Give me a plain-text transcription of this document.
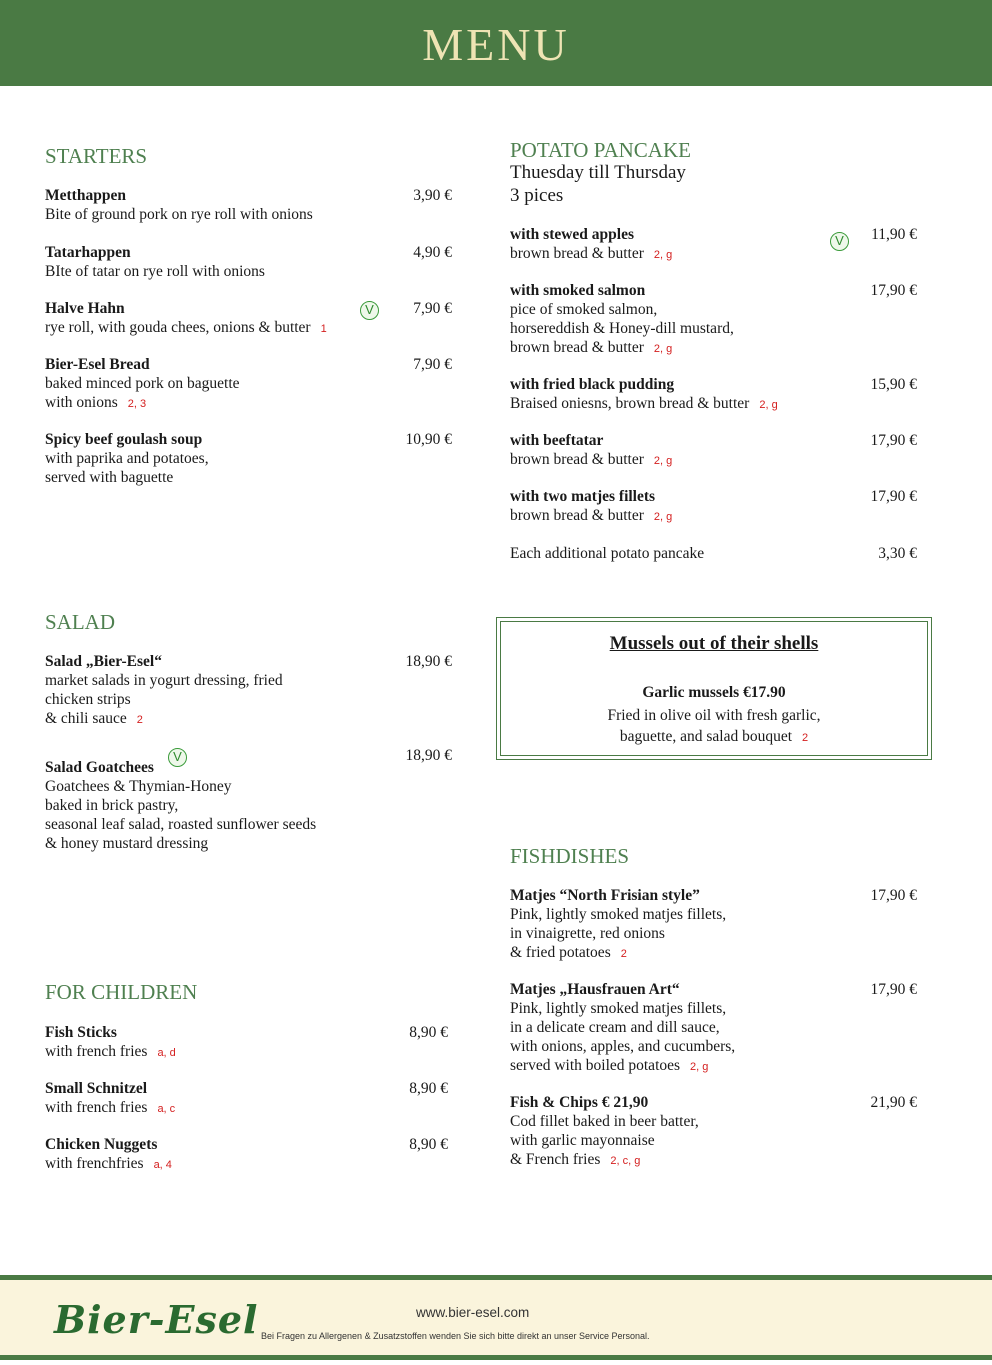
MENU
STARTERS
Metthappen
Bite of ground pork on rye roll with onions
3,90 €
Tatarhappen
BIte of tatar on rye roll with onions
4,90 €
Halve Hahn
rye roll, with gouda chees, onions & butter 1
V	7,90 €
Bier-Esel Bread
baked minced pork on baguette
with onions 2, 3
7,90 €
Spicy beef goulash soup
with paprika and potatoes,
served with baguette
10,90 €
SALAD
Salad „Bier-Esel“
market salads in yogurt dressing, fried
chicken strips
& chili sauce 2
18,90 €
Salad Goatchees
Goatchees & Thymian-Honey
baked in brick pastry,
seasonal leaf salad, roasted sunflower seeds
& honey mustard dressing
V	18,90 €
FOR CHILDREN
Fish Sticks
with french fries a, d
8,90 €
Small Schnitzel
with french fries a, c
8,90 €
Chicken Nuggets
with frenchfries a, 4
8,90 €
POTATO PANCAKE
Thuesday till Thursday
3 pices
with stewed apples
brown bread & butter 2, g
V	11,90 €
with smoked salmon
pice of smoked salmon,
horsereddish & Honey-dill mustard,
brown bread & butter 2, g
17,90 €
with fried black pudding
Braised oniesns, brown bread & butter 2, g
15,90 €
with beeftatar
brown bread & butter 2, g
17,90 €
with two matjes fillets
brown bread & butter 2, g
17,90 €
Each additional potato pancake	3,30 €
Mussels out of their shells
Garlic mussels €17.90
Fried in olive oil with fresh garlic,
baguette, and salad bouquet 2
FISHDISHES
Matjes “North Frisian style”
Pink, lightly smoked matjes fillets,
in vinaigrette, red onions
& fried potatoes 2
17,90 €
Matjes „Hausfrauen Art“
Pink, lightly smoked matjes fillets,
in a delicate cream and dill sauce,
with onions, apples, and cucumbers,
served with boiled potatoes 2, g
17,90 €
Fish & Chips € 21,90
Cod fillet baked in beer batter,
with garlic mayonnaise
& French fries 2, c, g
21,90 €
Bier-Esel	www.bier-esel.com
Bei Fragen zu Allergenen & Zusatzstoffen wenden Sie sich bitte direkt an unser Service Personal.
